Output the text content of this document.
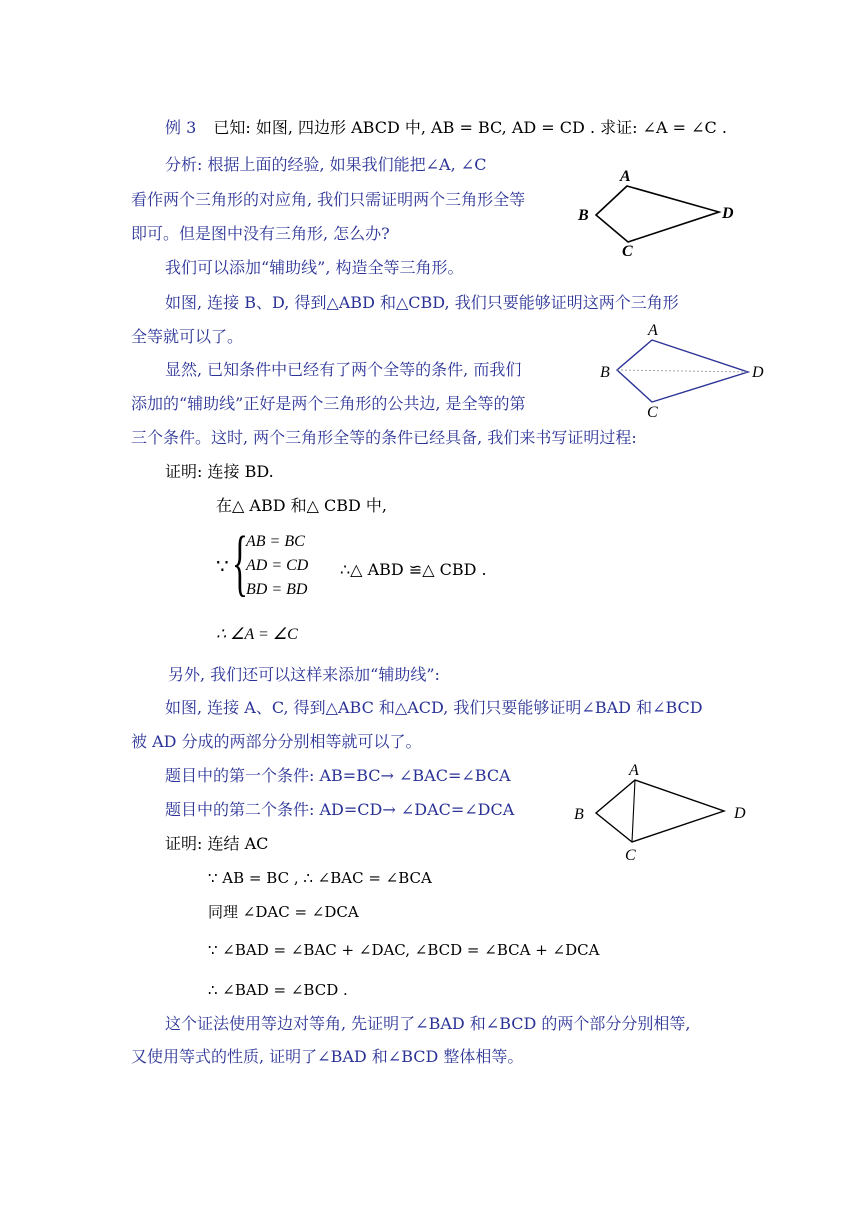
例 3 已知: 如图, 四边形 ABCD 中, AB = BC, AD = CD . 求证: ∠A = ∠C .
分析: 根据上面的经验, 如果我们能把∠A, ∠C
看作两个三角形的对应角, 我们只需证明两个三角形全等
即可。但是图中没有三角形, 怎么办?
我们可以添加“辅助线”, 构造全等三角形。
如图, 连接 B、D, 得到△ABD 和△CBD, 我们只要能够证明这两个三角形
全等就可以了。
显然, 已知条件中已经有了两个全等的条件, 而我们
添加的“辅助线”正好是两个三角形的公共边, 是全等的第
三个条件。这时, 两个三角形全等的条件已经具备, 我们来书写证明过程:
A
B
C
D
A
B
C
D
证明: 连接 BD.
在△ ABD 和△ CBD 中,
∵ {
AB = BC
AD = CD
BD = BD
∴△ ABD ≌△ CBD .
∴ ∠A = ∠C
另外, 我们还可以这样来添加“辅助线”:
如图, 连接 A、C, 得到△ABC 和△ACD, 我们只要能够证明∠BAD 和∠BCD
被 AD 分成的两部分分别相等就可以了。
题目中的第一个条件: AB=BC→ ∠BAC=∠BCA
题目中的第二个条件: AD=CD→ ∠DAC=∠DCA
A
B
C
D
证明: 连结 AC
∵ AB = BC , ∴ ∠BAC = ∠BCA
同理 ∠DAC = ∠DCA
∵ ∠BAD = ∠BAC + ∠DAC, ∠BCD = ∠BCA + ∠DCA
∴ ∠BAD = ∠BCD .
这个证法使用等边对等角, 先证明了∠BAD 和∠BCD 的两个部分分别相等,
又使用等式的性质, 证明了∠BAD 和∠BCD 整体相等。
